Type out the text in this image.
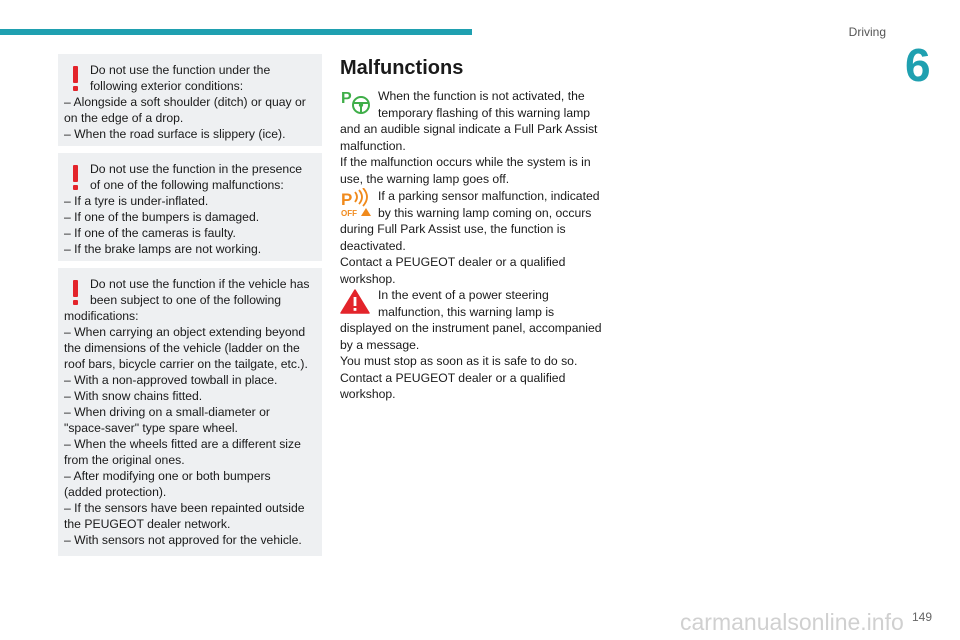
Driving
6
Do not use the function under the
following exterior conditions:
– Alongside a soft shoulder (ditch) or quay or
on the edge of a drop.
– When the road surface is slippery (ice).
Do not use the function in the presence
of one of the following malfunctions:
– If a tyre is under-inflated.
– If one of the bumpers is damaged.
– If one of the cameras is faulty.
– If the brake lamps are not working.
Do not use the function if the vehicle has
been subject to one of the following
modifications:
– When carrying an object extending beyond
the dimensions of the vehicle (ladder on the
roof bars, bicycle carrier on the tailgate, etc.).
– With a non-approved towball in place.
– With snow chains fitted.
– When driving on a small-diameter or
"space-saver" type spare wheel.
– When the wheels fitted are a different size
from the original ones.
– After modifying one or both bumpers
(added protection).
– If the sensors have been repainted outside
the PEUGEOT dealer network.
– With sensors not approved for the vehicle.
Malfunctions
P	When the function is not activated, the
temporary flashing of this warning lamp
and an audible signal indicate a Full Park Assist
malfunction.
If the malfunction occurs while the system is in
use, the warning lamp goes off.
P
OFF
If a parking sensor malfunction, indicated
by this warning lamp coming on, occurs
during Full Park Assist use, the function is
deactivated.
Contact a PEUGEOT dealer or a qualified
workshop.
In the event of a power steering
malfunction, this warning lamp is
displayed on the instrument panel, accompanied
by a message.
You must stop as soon as it is safe to do so.
Contact a PEUGEOT dealer or a qualified
workshop.
carmanualsonline.info 149
